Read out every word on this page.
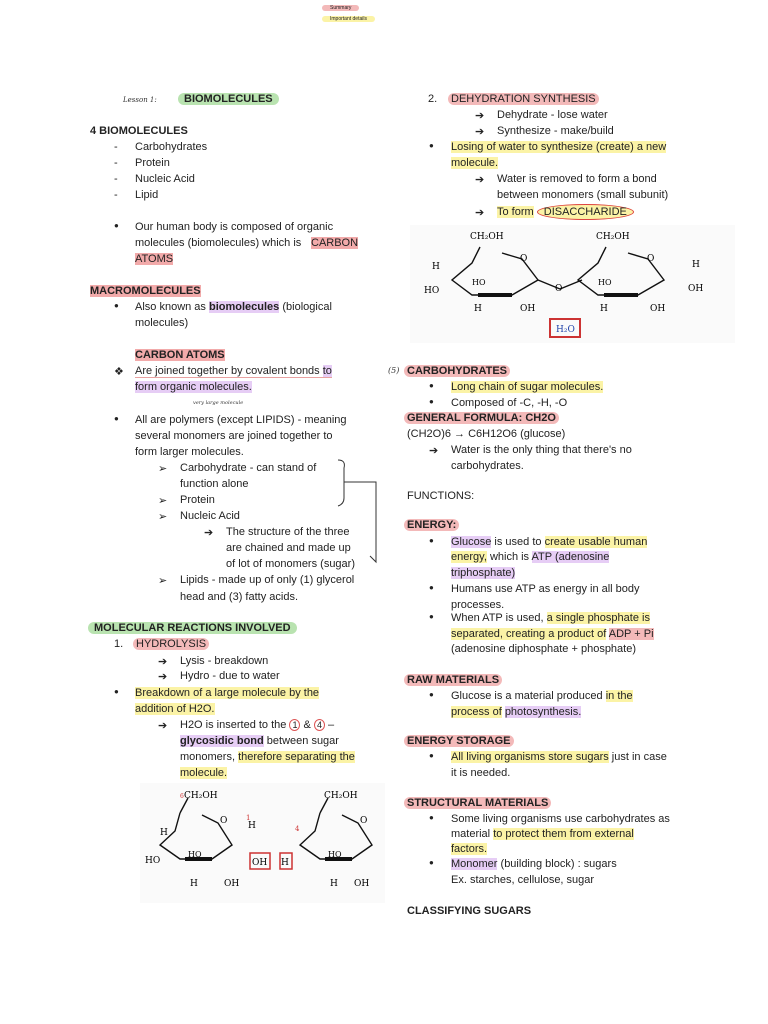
Summary
Important details
Lesson 1:	BIOMOLECULES
4 BIOMOLECULES
- Carbohydrates
- Protein
- Nucleic Acid
- Lipid
● Our human body is composed of organic
molecules (biomolecules) which is CARBON
ATOMS
MACROMOLECULES
● Also known as biomolecules (biological
molecules)
CARBON ATOMS
❖ Are joined together by covalent bonds to
form organic molecules.
very large molecule
● All are polymers (except LIPIDS) - meaning
several monomers are joined together to
form larger molecules.
➢ Carbohydrate - can stand of
function alone
➢ Protein
➢ Nucleic Acid
➔ The structure of the three
are chained and made up
of lot of monomers (sugar)
➢ Lipids - made up of only (1) glycerol
head and (3) fatty acids.
MOLECULAR REACTIONS INVOLVED
1. HYDROLYSIS
➔ Lysis - breakdown
➔ Hydro - due to water
● Breakdown of a large molecule by the
addition of H2O.
➔ H2O is inserted to the 1 & 4 –
glycosidic bond between sugar
monomers, therefore separating the
molecule.
CH₂OH
6
O
H
HO
HO
H	OH
H
1
OH H
CH₂OH
O
HO
4
H OH
2. DEHYDRATION SYNTHESIS
➔ Dehydrate - lose water
➔ Synthesize - make/build
● Losing of water to synthesize (create) a new
molecule.
➔ Water is removed to form a bond
between monomers (small subunit)
➔ To form DISACCHARIDE
CH₂OH	CH₂OH
O	O
O
H
HO
HO	HO
H	OH	H	OH
OH
H
H₂O
(5) CARBOHYDRATES
● Long chain of sugar molecules.
● Composed of -C, -H, -O
GENERAL FORMULA: CH2O
(CH2O)6 → C6H12O6 (glucose)
➔ Water is the only thing that there's no
carbohydrates.
FUNCTIONS:
ENERGY:
● Glucose is used to create usable human
energy, which is ATP (adenosine
triphosphate)
● Humans use ATP as energy in all body
processes.
● When ATP is used, a single phosphate is
separated, creating a product of ADP + Pi
(adenosine diphosphate + phosphate)
RAW MATERIALS
● Glucose is a material produced in the
process of photosynthesis.
ENERGY STORAGE
● All living organisms store sugars just in case
it is needed.
STRUCTURAL MATERIALS
● Some living organisms use carbohydrates as
material to protect them from external
factors.
● Monomer (building block) : sugars
Ex. starches, cellulose, sugar
CLASSIFYING SUGARS
